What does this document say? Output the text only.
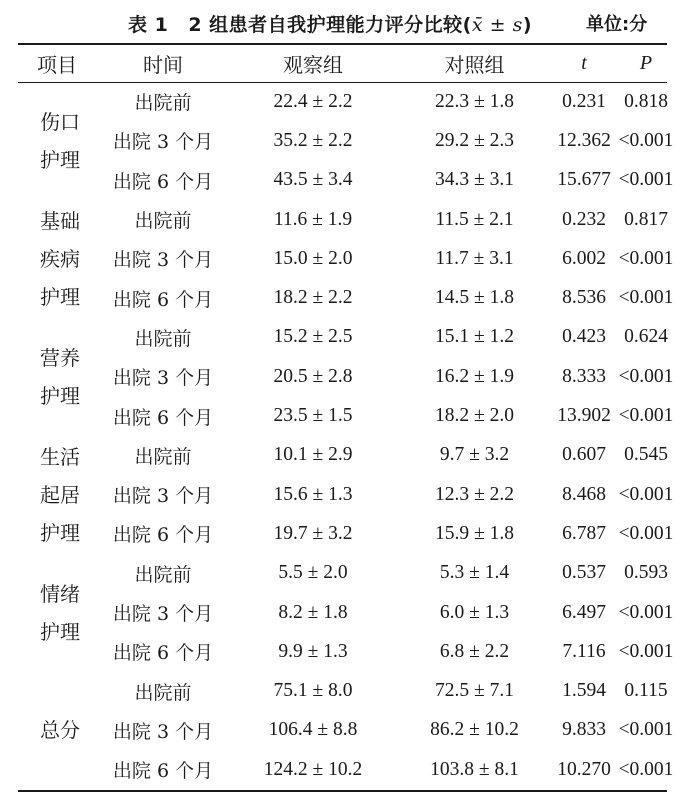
表 1 2 组患者自我护理能力评分比较(x̄ ± s)	单位:分
项目	时间	观察组	对照组	t	P

伤口
护理	出院前	22.4 ± 2.2	22.3 ± 1.8	0.231	0.818
	出院 3 个月	35.2 ± 2.2	29.2 ± 2.3	12.362	<0.001
	出院 6 个月	43.5 ± 3.4	34.3 ± 3.1	15.677	<0.001

基础
疾病
护理	出院前	11.6 ± 1.9	11.5 ± 2.1	0.232	0.817
	出院 3 个月	15.0 ± 2.0	11.7 ± 3.1	6.002	<0.001
	出院 6 个月	18.2 ± 2.2	14.5 ± 1.8	8.536	<0.001

营养
护理	出院前	15.2 ± 2.5	15.1 ± 1.2	0.423	0.624
	出院 3 个月	20.5 ± 2.8	16.2 ± 1.9	8.333	<0.001
	出院 6 个月	23.5 ± 1.5	18.2 ± 2.0	13.902	<0.001

生活
起居
护理	出院前	10.1 ± 2.9	9.7 ± 3.2	0.607	0.545
	出院 3 个月	15.6 ± 1.3	12.3 ± 2.2	8.468	<0.001
	出院 6 个月	19.7 ± 3.2	15.9 ± 1.8	6.787	<0.001

情绪
护理	出院前	5.5 ± 2.0	5.3 ± 1.4	0.537	0.593
	出院 3 个月	8.2 ± 1.8	6.0 ± 1.3	6.497	<0.001
	出院 6 个月	9.9 ± 1.3	6.8 ± 2.2	7.116	<0.001

总分	出院前	75.1 ± 8.0	72.5 ± 7.1	1.594	0.115
	出院 3 个月	106.4 ± 8.8	86.2 ± 10.2	9.833	<0.001
	出院 6 个月	124.2 ± 10.2	103.8 ± 8.1	10.270	<0.001
